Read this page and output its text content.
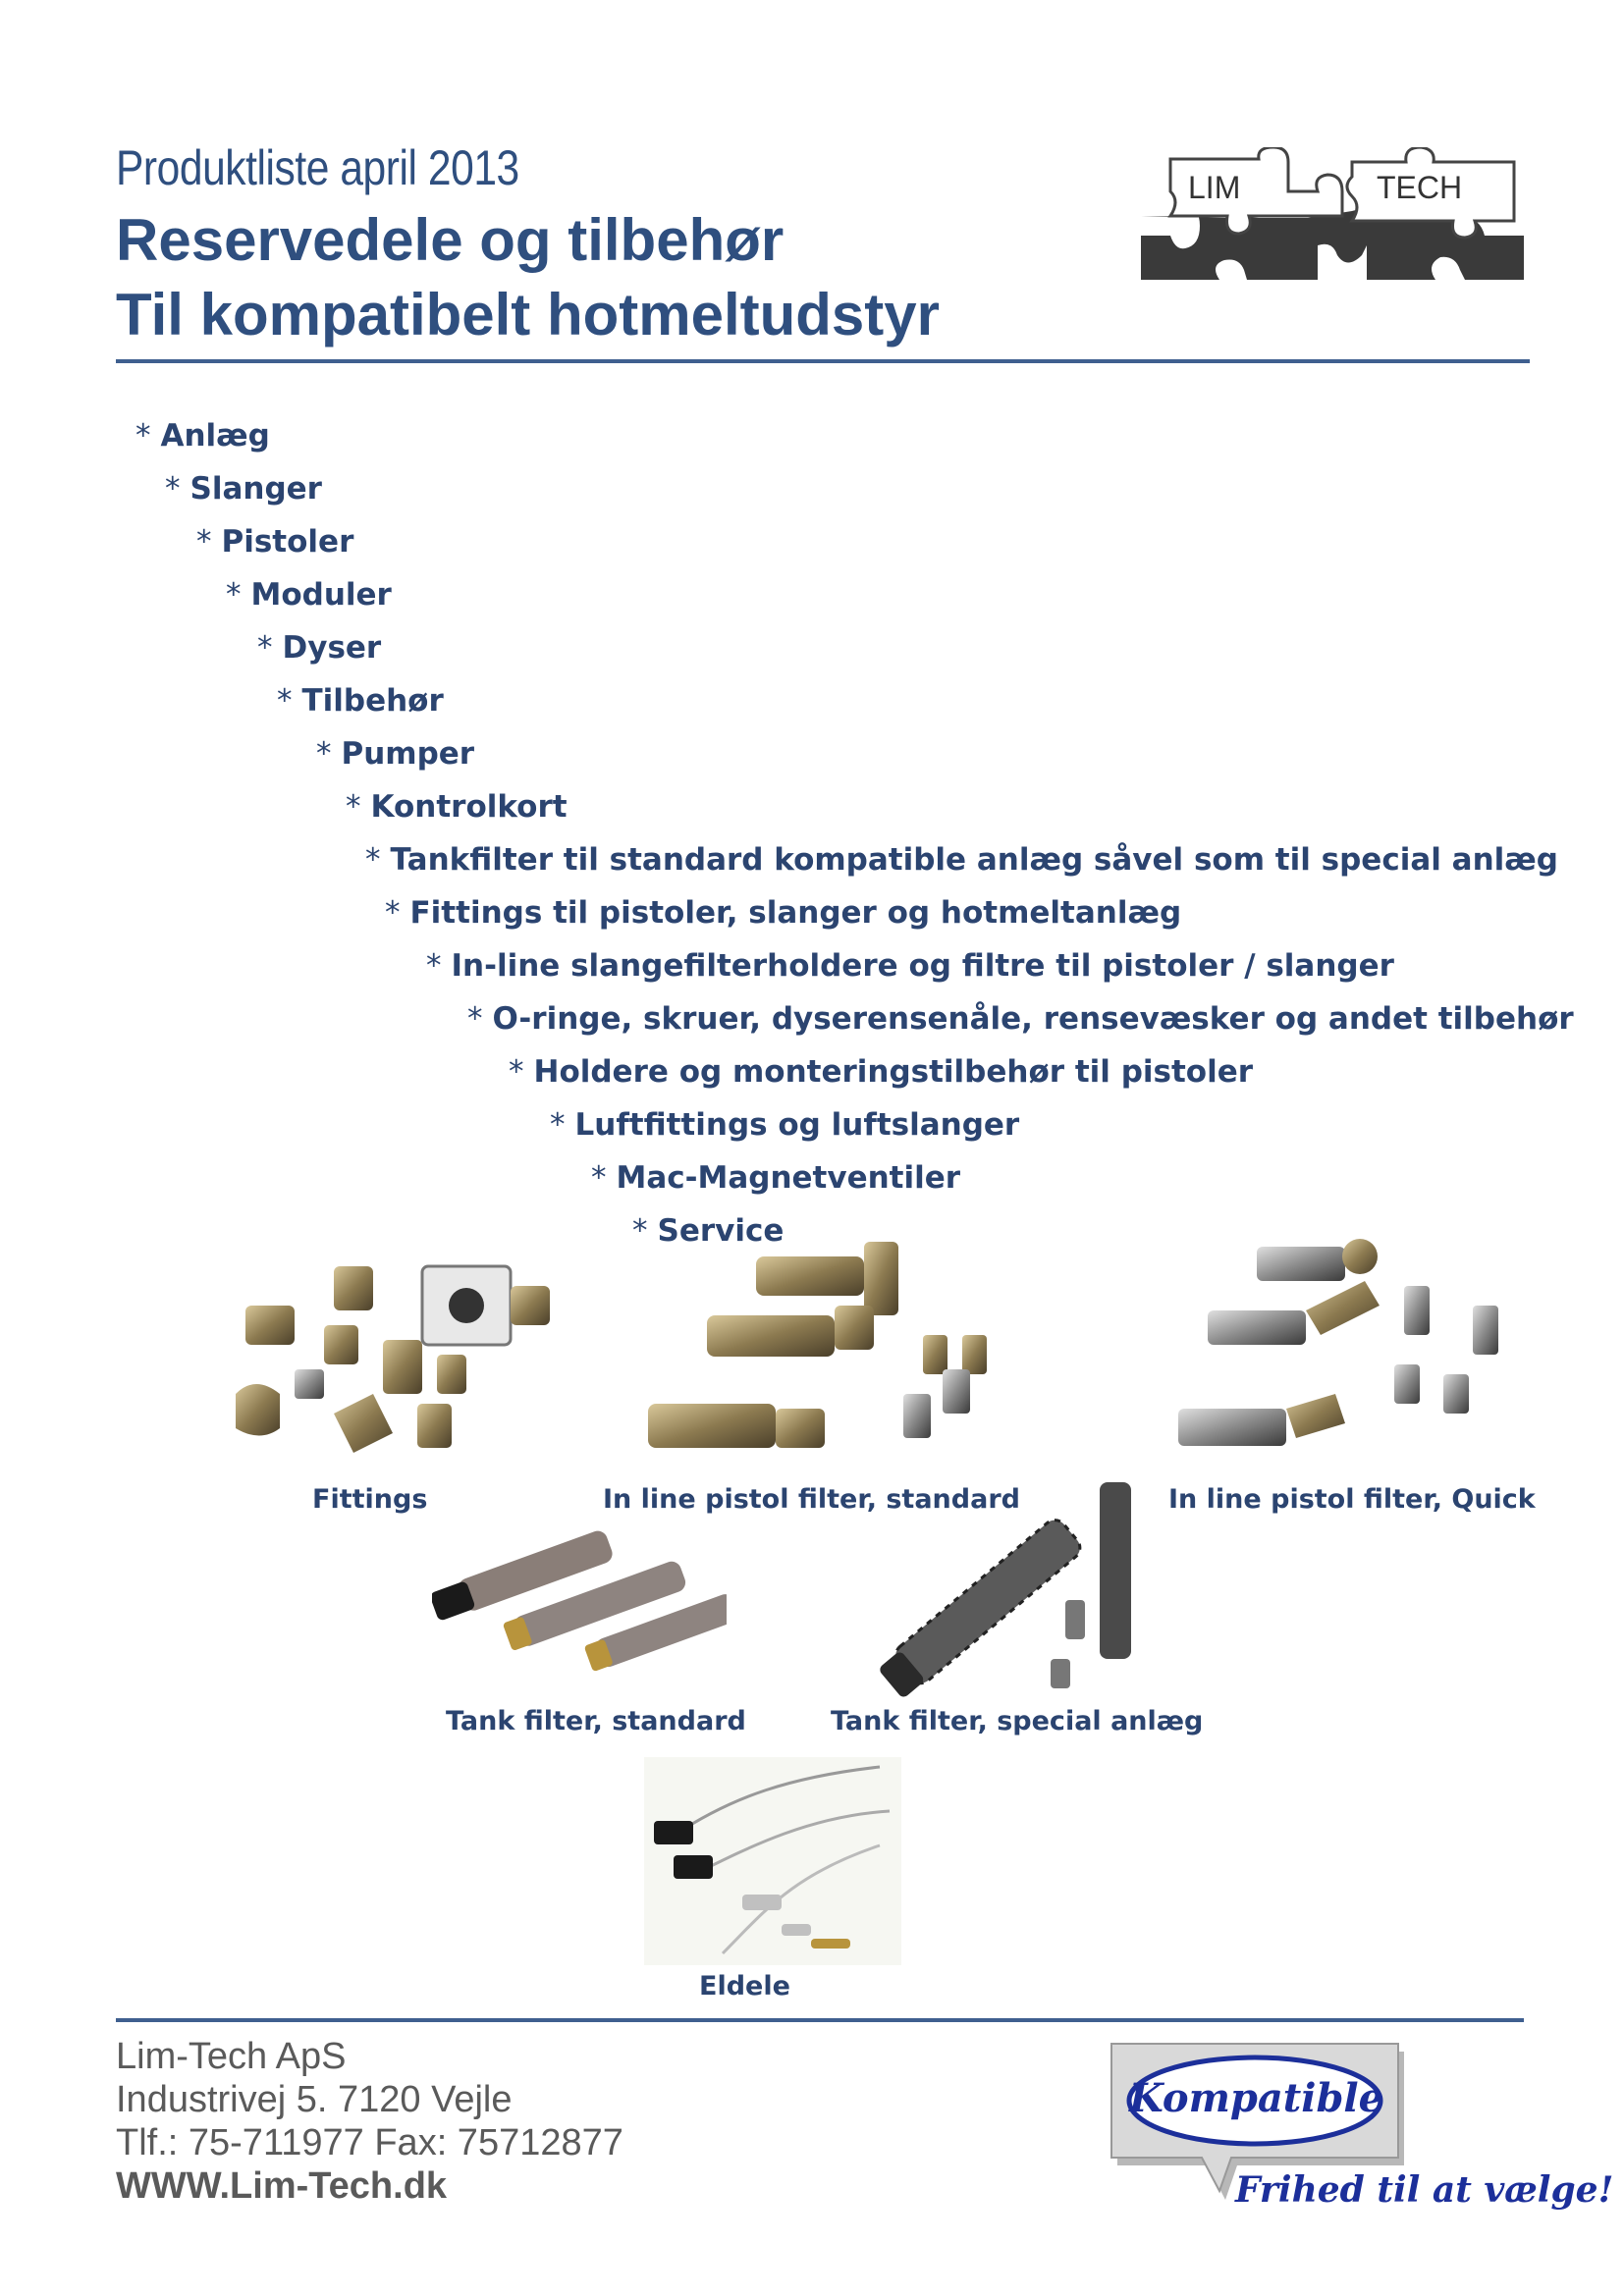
Produktliste april 2013
Reservedele og tilbehør
Til kompatibelt hotmeltudstyr
LIM	TECH
* Anlæg
* Slanger
* Pistoler
* Moduler
* Dyser
* Tilbehør
* Pumper
* Kontrolkort
* Tankfilter til standard kompatible anlæg såvel som til special anlæg
* Fittings til pistoler, slanger og hotmeltanlæg
* In-line slangefilterholdere og filtre til pistoler / slanger
* O-ringe, skruer, dyserensenåle, rensevæsker og andet tilbehør
* Holdere og monteringstilbehør til pistoler
* Luftfittings og luftslanger
* Mac-Magnetventiler
* Service
Fittings	In line pistol filter, standard	In line pistol filter, Quick
Tank filter, standard	Tank filter, special anlæg
Eldele
Lim-Tech ApS
Industrivej 5. 7120 Vejle
Tlf.: 75-711977 Fax: 75712877
WWW.Lim-Tech.dk
Kompatible
Frihed til at vælge!
